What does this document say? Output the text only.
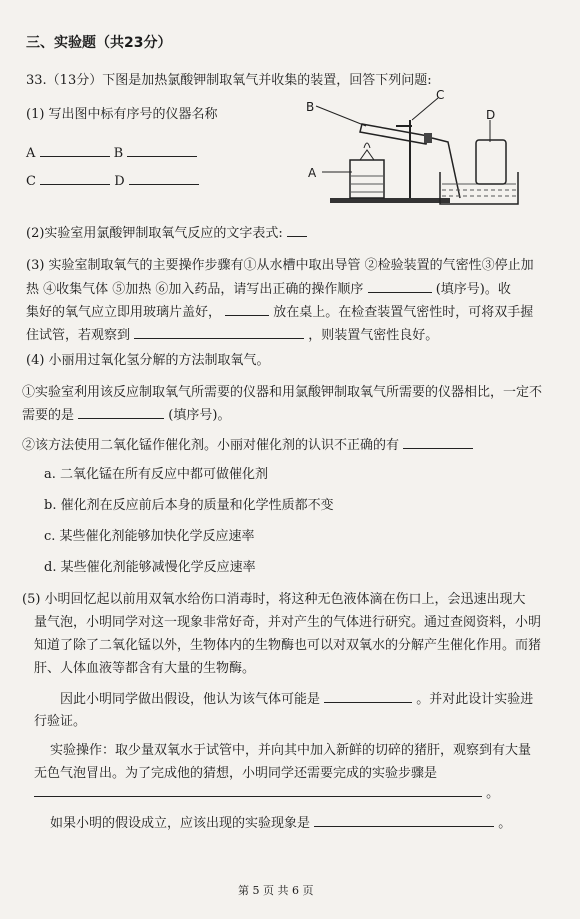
三、实验题（共23分）
33.（13分）下图是加热氯酸钾制取氧气并收集的装置，回答下列问题:
B
C
D
A
(1) 写出图中标有序号的仪器名称
A	B
C	D
(2)实验室用氯酸钾制取氧气反应的文字表式:
(3) 实验室制取氧气的主要操作步骤有①从水槽中取出导管 ②检验装置的气密性③停止加
热 ④收集气体 ⑤加热 ⑥加入药品，请写出正确的操作顺序	(填序号)。收
集好的氧气应立即用玻璃片盖好，	放在桌上。在检查装置气密性时，可将双手握
住试管，若观察到	，则装置气密性良好。
(4) 小丽用过氧化氢分解的方法制取氧气。
①实验室利用该反应制取氧气所需要的仪器和用氯酸钾制取氧气所需要的仪器相比，一定不
需要的是	(填序号)。
②该方法使用二氧化锰作催化剂。小丽对催化剂的认识不正确的有
a. 二氧化锰在所有反应中都可做催化剂
b. 催化剂在反应前后本身的质量和化学性质都不变
c. 某些催化剂能够加快化学反应速率
d. 某些催化剂能够减慢化学反应速率
(5) 小明回忆起以前用双氧水给伤口消毒时，将这种无色液体滴在伤口上，会迅速出现大
量气泡，小明同学对这一现象非常好奇，并对产生的气体进行研究。通过查阅资料，小明
知道了除了二氧化锰以外，生物体内的生物酶也可以对双氧水的分解产生催化作用。而猪
肝、人体血液等都含有大量的生物酶。
因此小明同学做出假设，他认为该气体可能是	。并对此设计实验进
行验证。
实验操作：取少量双氧水于试管中，并向其中加入新鲜的切碎的猪肝，观察到有大量
无色气泡冒出。为了完成他的猜想，小明同学还需要完成的实验步骤是
。
如果小明的假设成立，应该出现的实验现象是	。
第 5 页 共 6 页
